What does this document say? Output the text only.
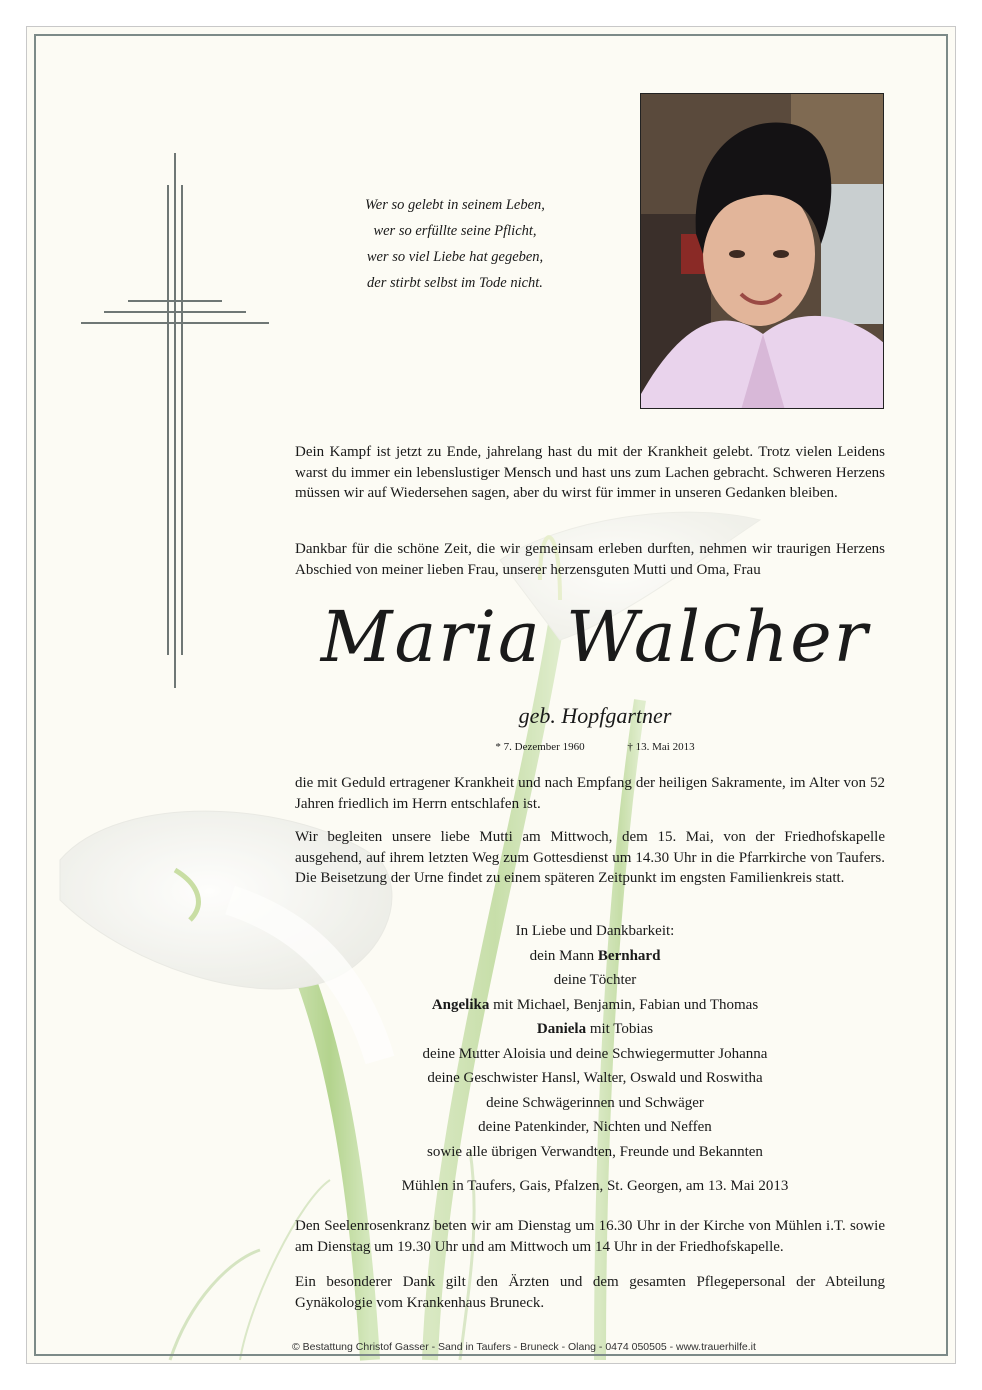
Wer so gelebt in seinem Leben,
wer so erfüllte seine Pflicht,
wer so viel Liebe hat gegeben,
der stirbt selbst im Tode nicht.
Dein Kampf ist jetzt zu Ende, jahrelang hast du mit der Krankheit gelebt. Trotz vielen Leidens warst du immer ein lebenslustiger Mensch und hast uns zum Lachen gebracht. Schweren Herzens müssen wir auf Wiedersehen sagen, aber du wirst für immer in unseren Gedanken bleiben.
Dankbar für die schöne Zeit, die wir gemeinsam erleben durften, nehmen wir traurigen Herzens Abschied von meiner lieben Frau, unserer herzensguten Mutti und Oma, Frau
Maria Walcher
geb. Hopfgartner
* 7. Dezember 1960	† 13. Mai 2013
die mit Geduld ertragener Krankheit und nach Empfang der heiligen Sakramente, im Alter von 52 Jahren friedlich im Herrn entschlafen ist.
Wir begleiten unsere liebe Mutti am Mittwoch, dem 15. Mai, von der Friedhofskapelle ausgehend, auf ihrem letzten Weg zum Gottesdienst um 14.30 Uhr in die Pfarrkirche von Taufers. Die Beisetzung der Urne findet zu einem späteren Zeitpunkt im engsten Familienkreis statt.
In Liebe und Dankbarkeit:
dein Mann Bernhard
deine Töchter
Angelika mit Michael, Benjamin, Fabian und Thomas
Daniela mit Tobias
deine Mutter Aloisia und deine Schwiegermutter Johanna
deine Geschwister Hansl, Walter, Oswald und Roswitha
deine Schwägerinnen und Schwäger
deine Patenkinder, Nichten und Neffen
sowie alle übrigen Verwandten, Freunde und Bekannten
Mühlen in Taufers, Gais, Pfalzen, St. Georgen, am 13. Mai 2013
Den Seelenrosenkranz beten wir am Dienstag um 16.30 Uhr in der Kirche von Mühlen i.T. sowie am Dienstag um 19.30 Uhr und am Mittwoch um 14 Uhr in der Friedhofskapelle.
Ein besonderer Dank gilt den Ärzten und dem gesamten Pflegepersonal der Abteilung Gynäkologie vom Krankenhaus Bruneck.
© Bestattung Christof Gasser - Sand in Taufers - Bruneck - Olang - 0474 050505 - www.trauerhilfe.it
